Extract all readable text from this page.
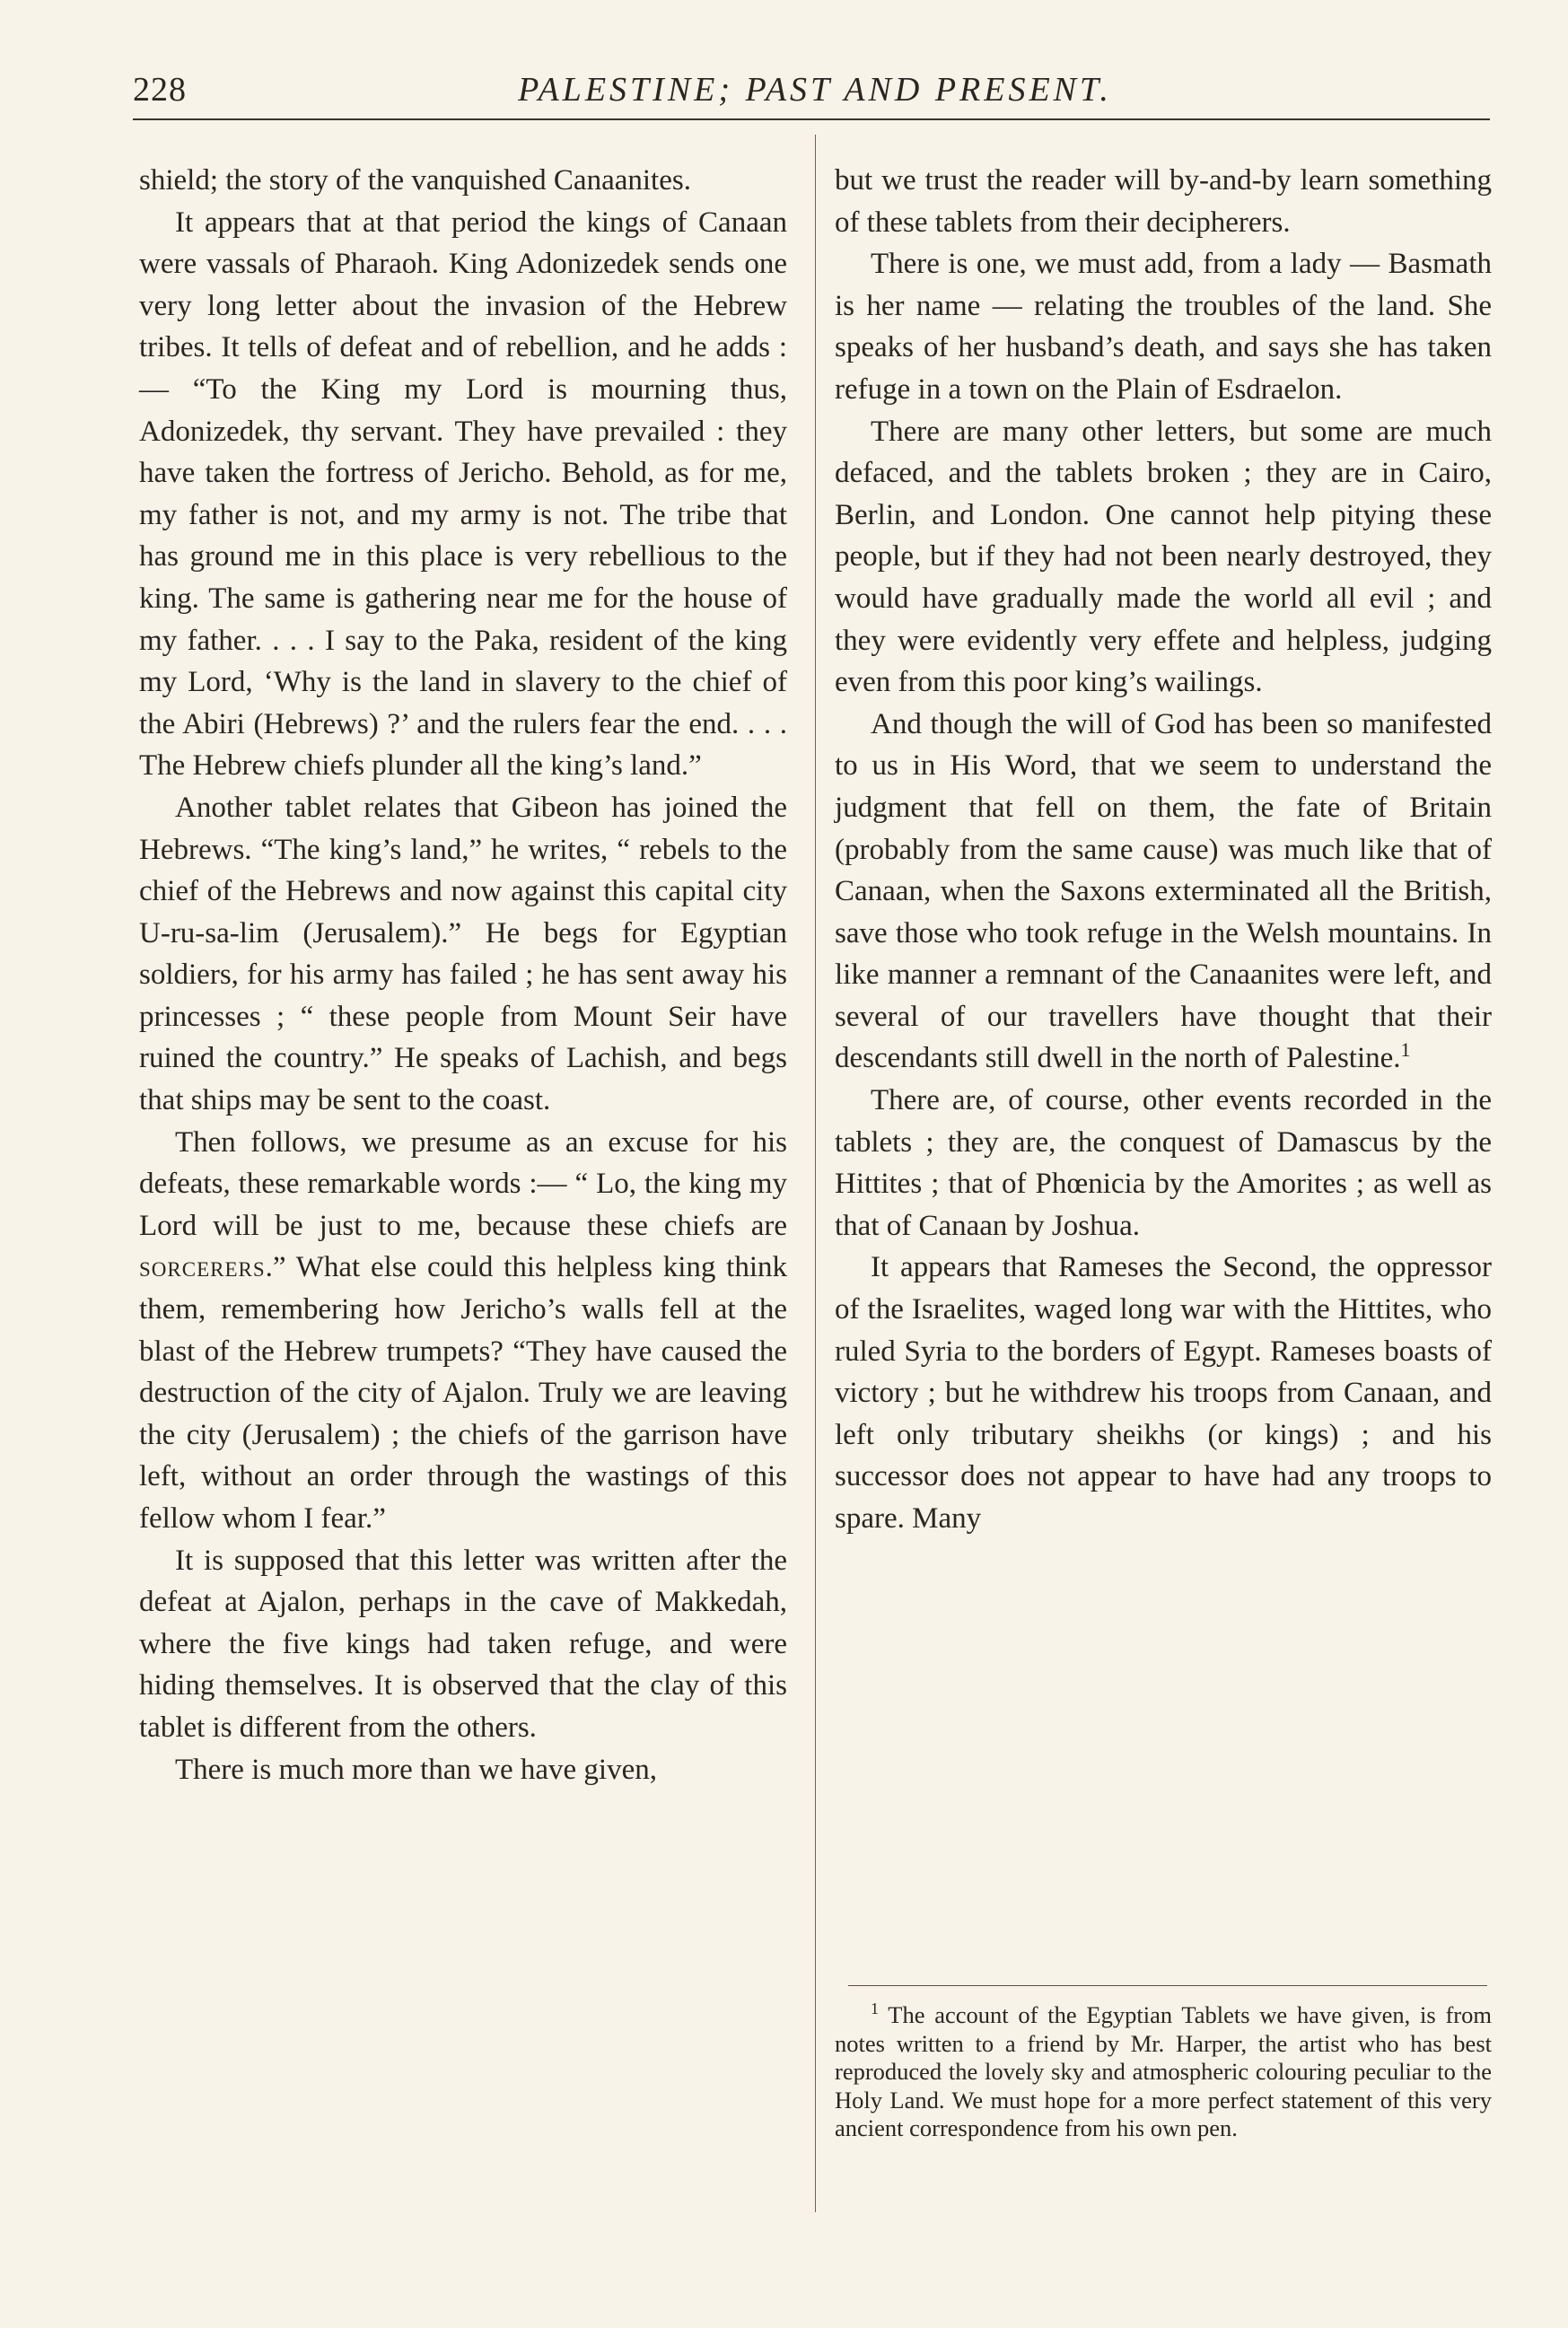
228	PALESTINE; PAST AND PRESENT.

shield; the story of the vanquished Canaanites.

It appears that at that period the kings of Canaan were vassals of Pharaoh. King Adonizedek sends one very long letter about the invasion of the Hebrew tribes. It tells of defeat and of rebellion, and he adds :— “To the King my Lord is mourning thus, Adonizedek, thy servant. They have prevailed : they have taken the fortress of Jericho. Behold, as for me, my father is not, and my army is not. The tribe that has ground me in this place is very rebellious to the king. The same is gathering near me for the house of my father. . . . I say to the Paka, resident of the king my Lord, ‘Why is the land in slavery to the chief of the Abiri (Hebrews) ?’ and the rulers fear the end. . . . The Hebrew chiefs plunder all the king’s land.”

Another tablet relates that Gibeon has joined the Hebrews. “The king’s land,” he writes, “ rebels to the chief of the Hebrews and now against this capital city U-ru-sa-lim (Jerusalem).” He begs for Egyptian soldiers, for his army has failed ; he has sent away his princesses ; “ these people from Mount Seir have ruined the country.” He speaks of Lachish, and begs that ships may be sent to the coast.

Then follows, we presume as an excuse for his defeats, these remarkable words :— “ Lo, the king my Lord will be just to me, because these chiefs are sorcerers.” What else could this helpless king think them, remembering how Jericho’s walls fell at the blast of the Hebrew trumpets? “They have caused the destruction of the city of Ajalon. Truly we are leaving the city (Jerusalem) ; the chiefs of the garrison have left, without an order through the wastings of this fellow whom I fear.”

It is supposed that this letter was written after the defeat at Ajalon, perhaps in the cave of Makkedah, where the five kings had taken refuge, and were hiding themselves. It is observed that the clay of this tablet is different from the others.

There is much more than we have given,

but we trust the reader will by-and-by learn something of these tablets from their decipherers.

There is one, we must add, from a lady — Basmath is her name — relating the troubles of the land. She speaks of her husband’s death, and says she has taken refuge in a town on the Plain of Esdraelon.

There are many other letters, but some are much defaced, and the tablets broken ; they are in Cairo, Berlin, and London. One cannot help pitying these people, but if they had not been nearly destroyed, they would have gradually made the world all evil ; and they were evidently very effete and helpless, judging even from this poor king’s wailings.

And though the will of God has been so manifested to us in His Word, that we seem to understand the judgment that fell on them, the fate of Britain (probably from the same cause) was much like that of Canaan, when the Saxons exterminated all the British, save those who took refuge in the Welsh mountains. In like manner a remnant of the Canaanites were left, and several of our travellers have thought that their descendants still dwell in the north of Palestine.$^1$

There are, of course, other events recorded in the tablets ; they are, the conquest of Damascus by the Hittites ; that of Phœnicia by the Amorites ; as well as that of Canaan by Joshua.

It appears that Rameses the Second, the oppressor of the Israelites, waged long war with the Hittites, who ruled Syria to the borders of Egypt. Rameses boasts of victory ; but he withdrew his troops from Canaan, and left only tributary sheikhs (or kings) ; and his successor does not appear to have had any troops to spare. Many

$^1$ The account of the Egyptian Tablets we have given, is from notes written to a friend by Mr. Harper, the artist who has best reproduced the lovely sky and atmospheric colouring peculiar to the Holy Land. We must hope for a more perfect statement of this very ancient correspondence from his own pen.
